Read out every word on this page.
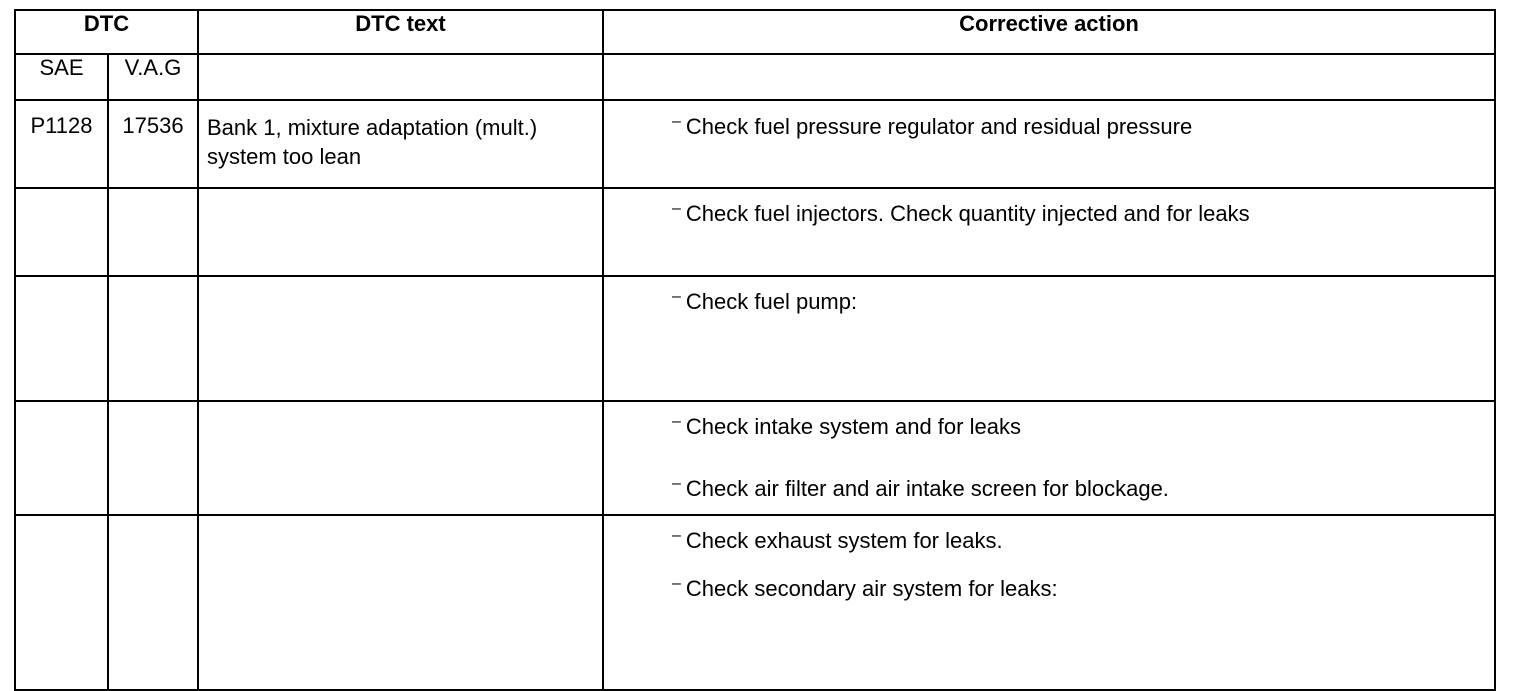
DTC		DTC text	Corrective action
SAE	V.A.G		
P1128	17536	Bank 1, mixture adaptation (mult.) system too lean	– Check fuel pressure regulator and residual pressure

			– Check fuel injectors. Check quantity injected and for leaks

			– Check fuel pump:

			– Check intake system and for leaks
– Check air filter and air intake screen for blockage.

			– Check exhaust system for leaks.
– Check secondary air system for leaks:
